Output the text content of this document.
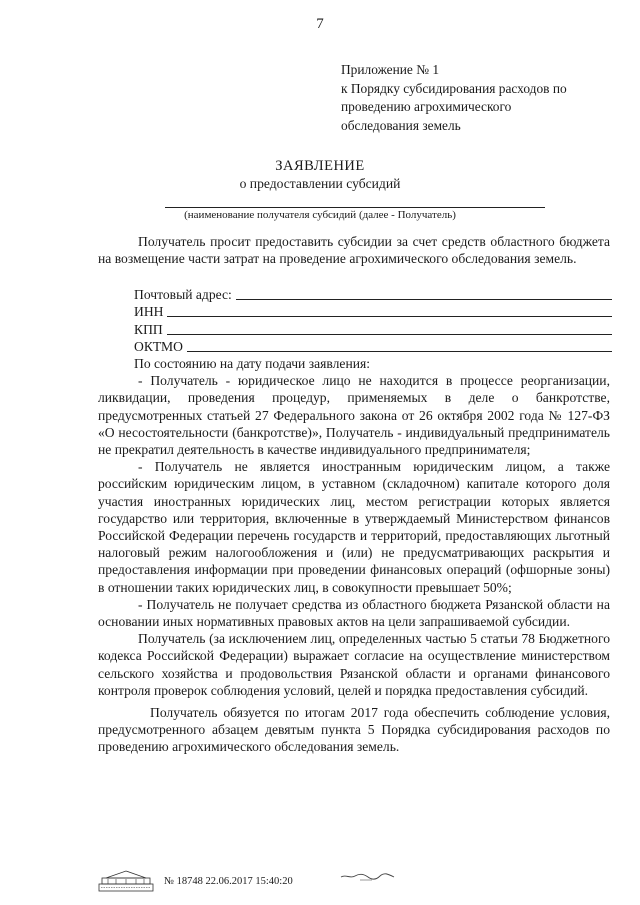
7
Приложение № 1
к Порядку субсидирования расходов по
проведению агрохимического
обследования земель
ЗАЯВЛЕНИЕ
о предоставлении субсидий
(наименование получателя субсидий (далее - Получатель)

Получатель просит предоставить субсидии за счет средств областного бюджета на возмещение части затрат на проведение агрохимического обследования земель.

Почтовый адрес:
ИНН
КПП
ОКТМО

По состоянию на дату подачи заявления:

- Получатель - юридическое лицо не находится в процессе реорганизации, ликвидации, проведения процедур, применяемых в деле о банкротстве, предусмотренных статьей 27 Федерального закона от 26 октября 2002 года № 127-ФЗ «О несостоятельности (банкротстве)», Получатель - индивидуальный предприниматель не прекратил деятельность в качестве индивидуального предпринимателя;

- Получатель не является иностранным юридическим лицом, а также российским юридическим лицом, в уставном (складочном) капитале которого доля участия иностранных юридических лиц, местом регистрации которых является государство или территория, включенные в утверждаемый Министерством финансов Российской Федерации перечень государств и территорий, предоставляющих льготный налоговый режим налогообложения и (или) не предусматривающих раскрытия и предоставления информации при проведении финансовых операций (офшорные зоны) в отношении таких юридических лиц, в совокупности превышает 50%;

- Получатель не получает средства из областного бюджета Рязанской области на основании иных нормативных правовых актов на цели запрашиваемой субсидии.

Получатель (за исключением лиц, определенных частью 5 статьи 78 Бюджетного кодекса Российской Федерации) выражает согласие на осуществление министерством сельского хозяйства и продовольствия Рязанской области и органами финансового контроля проверок соблюдения условий, целей и порядка предоставления субсидий.

Получатель обязуется по итогам 2017 года обеспечить соблюдение условия, предусмотренного абзацем девятым пункта 5 Порядка субсидирования расходов по проведению агрохимического обследования земель.

№ 18748 22.06.2017 15:40:20
